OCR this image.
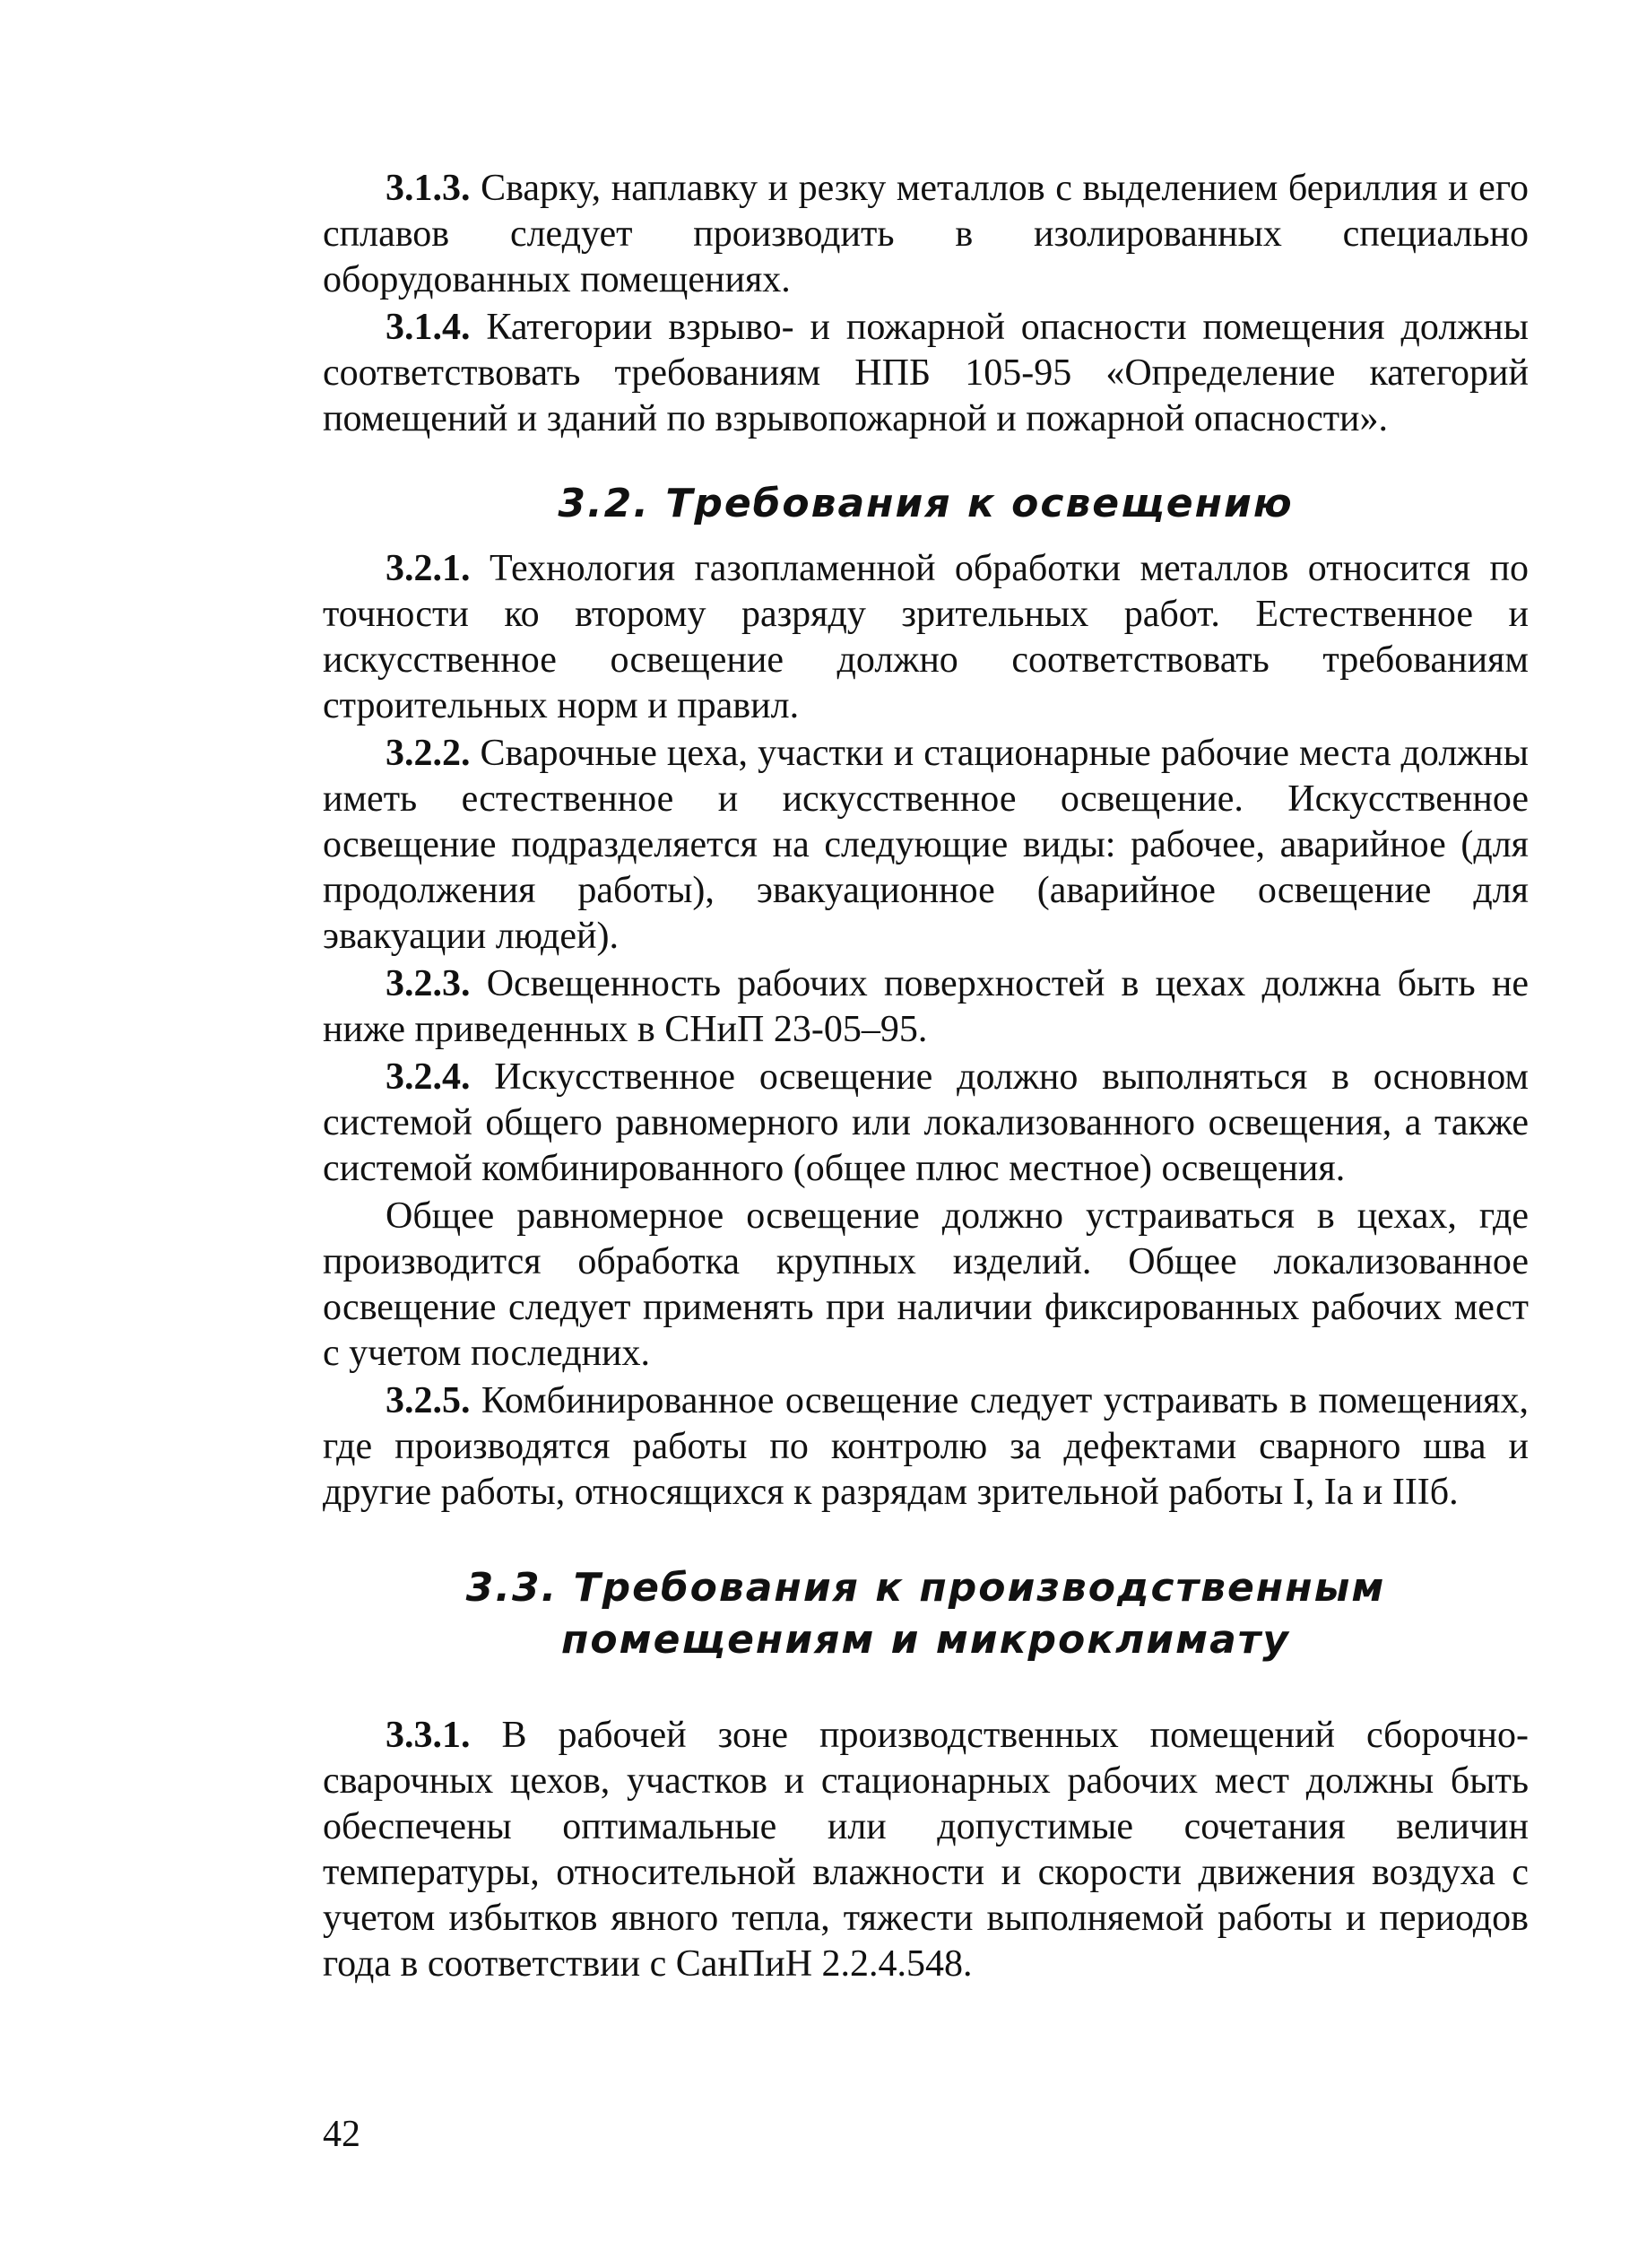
3.1.3. Сварку, наплавку и резку металлов с выделением бериллия и его сплавов следует производить в изолированных специально оборудованных помещениях.

3.1.4. Категории взрыво- и пожарной опасности помещения должны соответствовать требованиям НПБ 105-95 «Определение категорий помещений и зданий по взрывопожарной и пожарной опасности».

3.2. Требования к освещению

3.2.1. Технология газопламенной обработки металлов относится по точности ко второму разряду зрительных работ. Естественное и искусственное освещение должно соответствовать требованиям строительных норм и правил.

3.2.2. Сварочные цеха, участки и стационарные рабочие места должны иметь естественное и искусственное освещение. Искусственное освещение подразделяется на следующие виды: рабочее, аварийное (для продолжения работы), эвакуационное (аварийное освещение для эвакуации людей).

3.2.3. Освещенность рабочих поверхностей в цехах должна быть не ниже приведенных в СНиП 23-05–95.

3.2.4. Искусственное освещение должно выполняться в основном системой общего равномерного или локализованного освещения, а также системой комбинированного (общее плюс местное) освещения.

Общее равномерное освещение должно устраиваться в цехах, где производится обработка крупных изделий. Общее локализованное освещение следует применять при наличии фиксированных рабочих мест с учетом последних.

3.2.5. Комбинированное освещение следует устраивать в помещениях, где производятся работы по контролю за дефектами сварного шва и другие работы, относящихся к разрядам зрительной работы I, Iа и IIIб.

3.3. Требования к производственным
помещениям и микроклимату

3.3.1. В рабочей зоне производственных помещений сборочно-сварочных цехов, участков и стационарных рабочих мест должны быть обеспечены оптимальные или допустимые сочетания величин температуры, относительной влажности и скорости движения воздуха с учетом избытков явного тепла, тяжести выполняемой работы и периодов года в соответствии с СанПиН 2.2.4.548.

42
